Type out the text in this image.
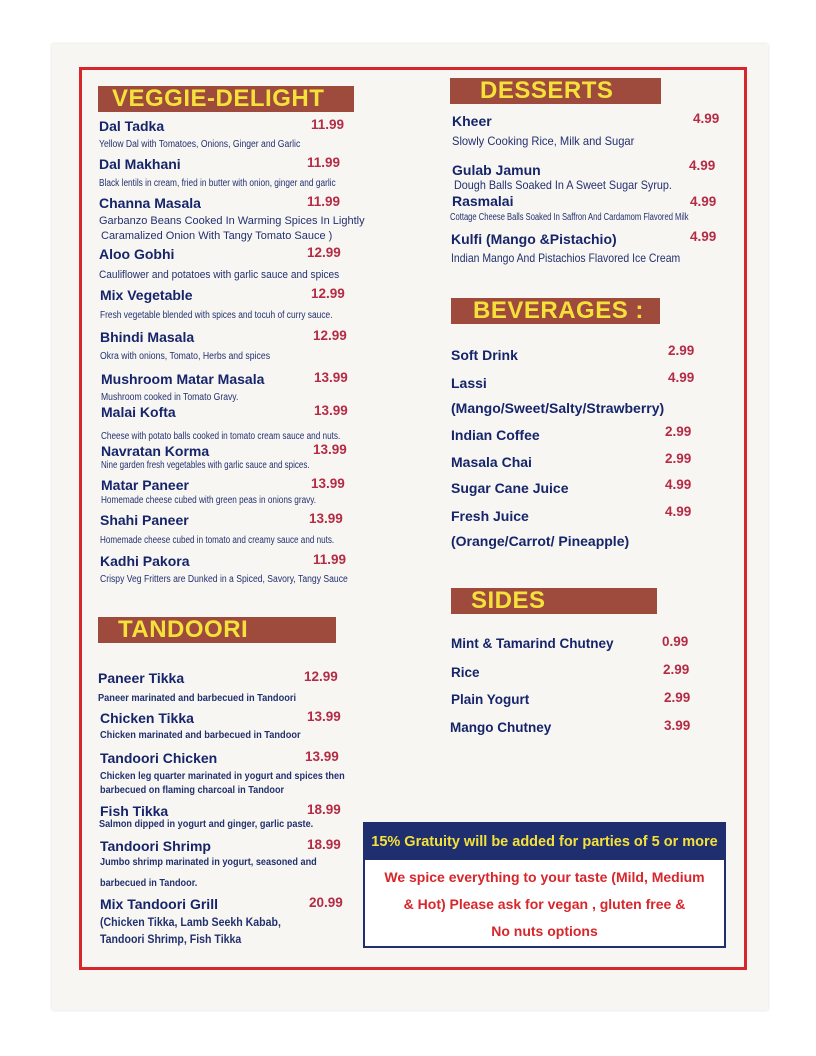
VEGGIE-DELIGHT
Dal Tadka	11.99
Yellow Dal with Tomatoes, Onions, Ginger and Garlic
Dal Makhani	11.99
Black lentils in cream, fried in butter with onion, ginger and garlic
Channa Masala	11.99
Garbanzo Beans Cooked In Warming Spices In Lightly
Caramalized Onion With Tangy Tomato Sauce )
Aloo Gobhi	12.99
Cauliflower and potatoes with garlic sauce and spices
Mix Vegetable	12.99
Fresh vegetable blended with spices and tocuh of curry sauce.
Bhindi Masala	12.99
Okra with onions, Tomato, Herbs and spices
Mushroom Matar Masala	13.99
Mushroom cooked in Tomato Gravy.
Malai Kofta	13.99
Cheese with potato balls cooked in tomato cream sauce and nuts.
Navratan Korma	13.99
Nine garden fresh vegetables with garlic sauce and spices.
Matar Paneer	13.99
Homemade cheese cubed with green peas in onions gravy.
Shahi Paneer	13.99
Homemade cheese cubed in tomato and creamy sauce and nuts.
Kadhi Pakora	11.99
Crispy Veg Fritters are Dunked in a Spiced, Savory, Tangy Sauce
TANDOORI
Paneer Tikka	12.99
Paneer marinated and barbecued in Tandoori
Chicken Tikka	13.99
Chicken marinated and barbecued in Tandoor
Tandoori Chicken	13.99
Chicken leg quarter marinated in yogurt and spices then
barbecued on flaming charcoal in Tandoor
Fish Tikka	18.99
Salmon dipped in yogurt and ginger, garlic paste.
Tandoori Shrimp	18.99
Jumbo shrimp marinated in yogurt, seasoned and
barbecued in Tandoor.
Mix Tandoori Grill	20.99
(Chicken Tikka, Lamb Seekh Kabab,
Tandoori Shrimp, Fish Tikka
DESSERTS
Kheer	4.99
Slowly Cooking Rice, Milk and Sugar
Gulab Jamun	4.99
Dough Balls Soaked In A Sweet Sugar Syrup.
Rasmalai	4.99
Cottage Cheese Balls Soaked In Saffron And Cardamom Flavored Milk
Kulfi (Mango &Pistachio)	4.99
Indian Mango And Pistachios Flavored Ice Cream
BEVERAGES :
Soft Drink	2.99
Lassi	4.99
(Mango/Sweet/Salty/Strawberry)
Indian Coffee	2.99
Masala Chai	2.99
Sugar Cane Juice	4.99
Fresh Juice	4.99
(Orange/Carrot/ Pineapple)
SIDES
Mint & Tamarind Chutney	0.99
Rice	2.99
Plain Yogurt	2.99
Mango Chutney	3.99
15% Gratuity will be added for parties of 5 or more
We spice everything to your taste (Mild, Medium
& Hot) Please ask for vegan , gluten free &
No nuts options
